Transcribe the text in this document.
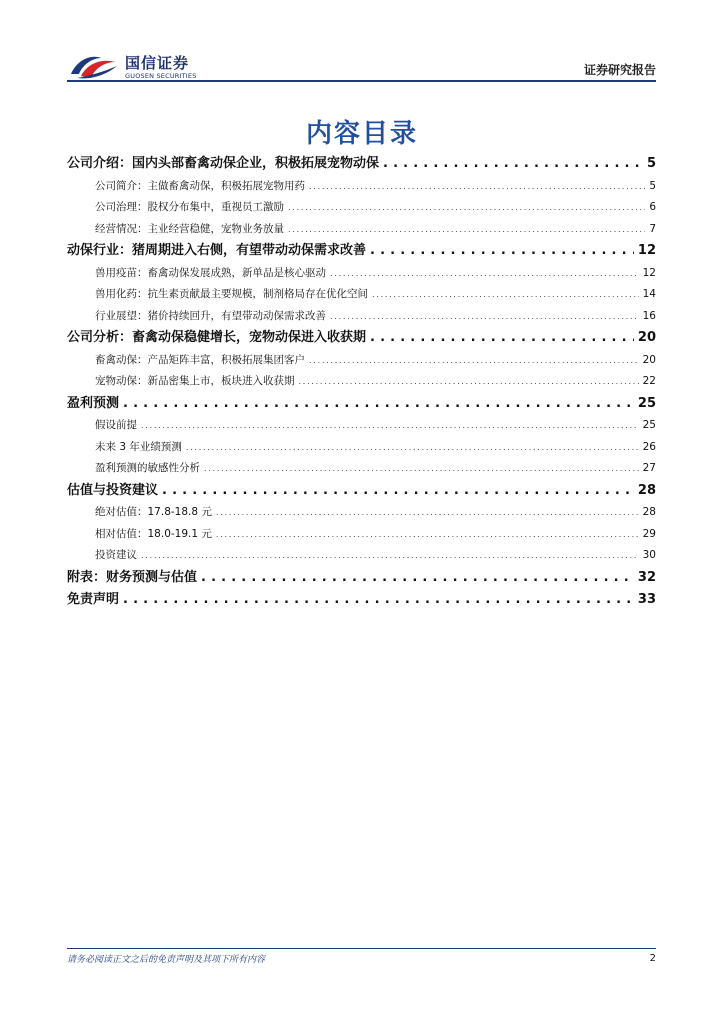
国信证券
GUOSEN SECURITIES	证券研究报告
内容目录
公司介绍：国内头部畜禽动保企业，积极拓展宠物动保 . . .	5
公司简介：主做畜禽动保，积极拓展宠物用药 . . .	5
公司治理：股权分布集中，重视员工激励 . . .	6
经营情况：主业经营稳健，宠物业务放量 . . .	7
动保行业：猪周期进入右侧，有望带动动保需求改善 . . .	12
兽用疫苗：畜禽动保发展成熟，新单品是核心驱动 . . .	12
兽用化药：抗生素贡献最主要规模，制剂格局存在优化空间 . . .	14
行业展望：猪价持续回升，有望带动动保需求改善 . . .	16
公司分析：畜禽动保稳健增长，宠物动保进入收获期 . . .	20
畜禽动保：产品矩阵丰富，积极拓展集团客户 . . .	20
宠物动保：新品密集上市，板块进入收获期 . . .	22
盈利预测 . . .	25
假设前提 . . .	25
未来 3 年业绩预测 . . .	26
盈利预测的敏感性分析 . . .	27
估值与投资建议 . . .	28
绝对估值：17.8-18.8 元 . . .	28
相对估值：18.0-19.1 元 . . .	29
投资建议 . . .	30
附表：财务预测与估值 . . .	32
免责声明 . . .	33
请务必阅读正文之后的免责声明及其项下所有内容	2
